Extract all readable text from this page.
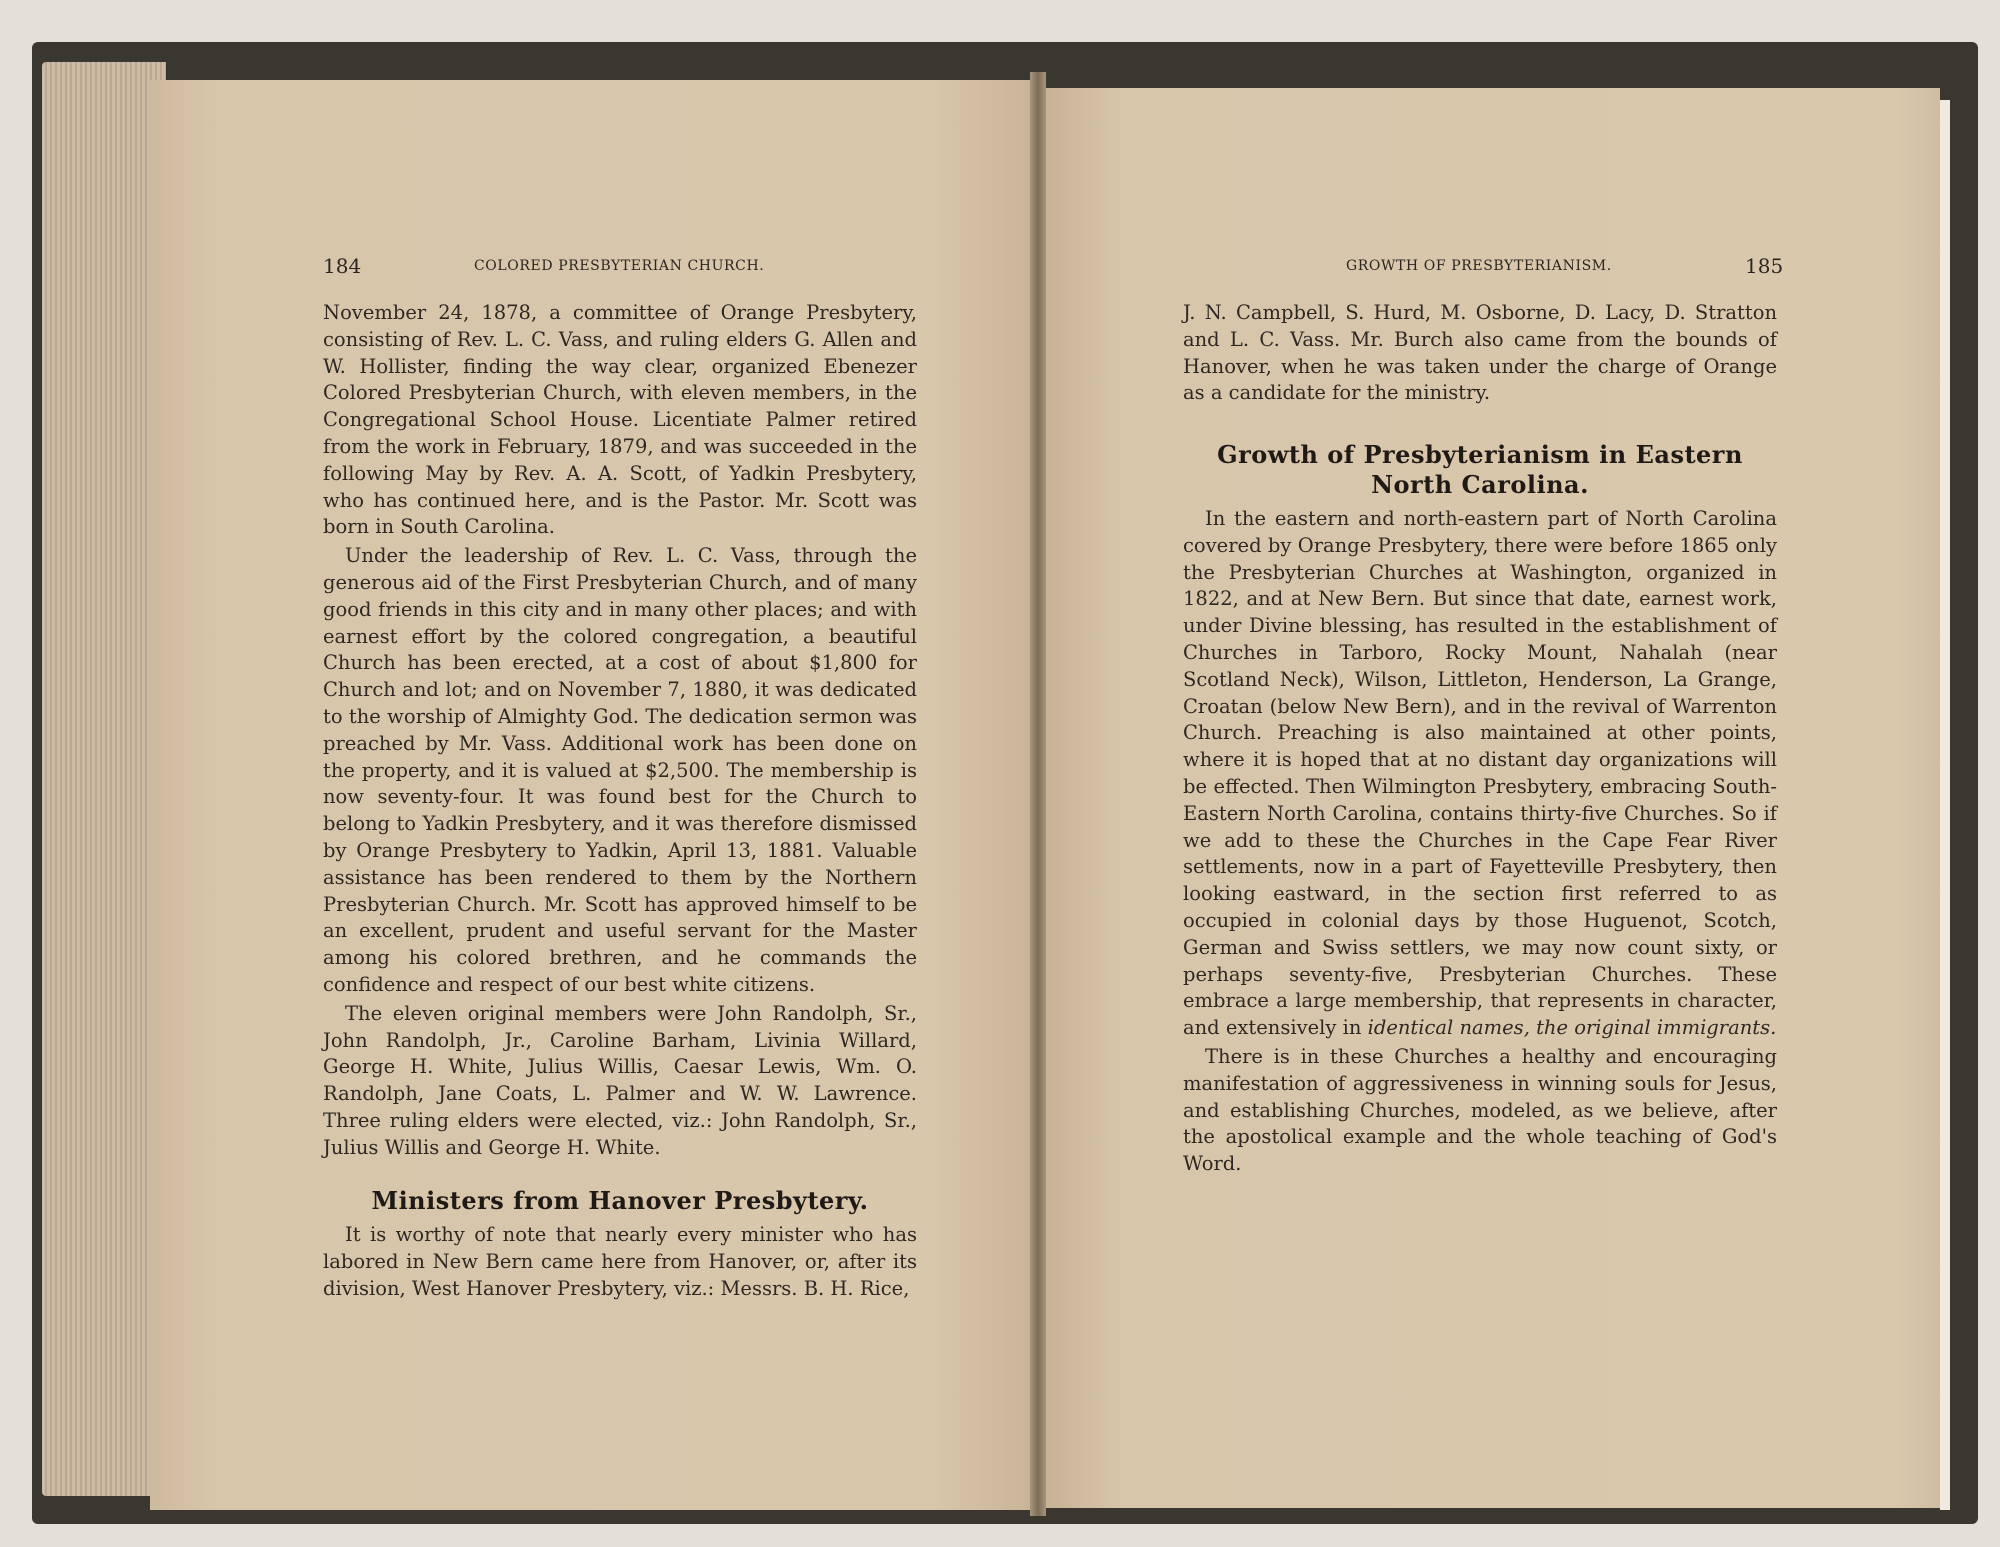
184	COLORED PRESBYTERIAN CHURCH.

November 24, 1878, a committee of Orange Presbytery, consisting of Rev. L. C. Vass, and ruling elders G. Allen and W. Hollister, finding the way clear, organized Ebenezer Colored Presbyterian Church, with eleven members, in the Congregational School House. Licentiate Palmer retired from the work in February, 1879, and was succeeded in the following May by Rev. A. A. Scott, of Yadkin Presbytery, who has continued here, and is the Pastor. Mr. Scott was born in South Carolina.

Under the leadership of Rev. L. C. Vass, through the generous aid of the First Presbyterian Church, and of many good friends in this city and in many other places; and with earnest effort by the colored congregation, a beautiful Church has been erected, at a cost of about $1,800 for Church and lot; and on November 7, 1880, it was dedicated to the worship of Almighty God. The dedication sermon was preached by Mr. Vass. Additional work has been done on the property, and it is valued at $2,500. The membership is now seventy-four. It was found best for the Church to belong to Yadkin Presbytery, and it was therefore dismissed by Orange Presbytery to Yadkin, April 13, 1881. Valuable assistance has been rendered to them by the Northern Presbyterian Church. Mr. Scott has approved himself to be an excellent, prudent and useful servant for the Master among his colored brethren, and he commands the confidence and respect of our best white citizens.

The eleven original members were John Randolph, Sr., John Randolph, Jr., Caroline Barham, Livinia Willard, George H. White, Julius Willis, Caesar Lewis, Wm. O. Randolph, Jane Coats, L. Palmer and W. W. Lawrence. Three ruling elders were elected, viz.: John Randolph, Sr., Julius Willis and George H. White.

Ministers from Hanover Presbytery.

It is worthy of note that nearly every minister who has labored in New Bern came here from Hanover, or, after its division, West Hanover Presbytery, viz.: Messrs. B. H. Rice,

GROWTH OF PRESBYTERIANISM.	185

J. N. Campbell, S. Hurd, M. Osborne, D. Lacy, D. Stratton and L. C. Vass. Mr. Burch also came from the bounds of Hanover, when he was taken under the charge of Orange as a candidate for the ministry.

Growth of Presbyterianism in Eastern
North Carolina.

In the eastern and north-eastern part of North Carolina covered by Orange Presbytery, there were before 1865 only the Presbyterian Churches at Washington, organized in 1822, and at New Bern. But since that date, earnest work, under Divine blessing, has resulted in the establishment of Churches in Tarboro, Rocky Mount, Nahalah (near Scotland Neck), Wilson, Littleton, Henderson, La Grange, Croatan (below New Bern), and in the revival of Warrenton Church. Preaching is also maintained at other points, where it is hoped that at no distant day organizations will be effected. Then Wilmington Presbytery, embracing South-Eastern North Carolina, contains thirty-five Churches. So if we add to these the Churches in the Cape Fear River settlements, now in a part of Fayetteville Presbytery, then looking eastward, in the section first referred to as occupied in colonial days by those Huguenot, Scotch, German and Swiss settlers, we may now count sixty, or perhaps seventy-five, Presbyterian Churches. These embrace a large membership, that represents in character, and extensively in identical names, the original immigrants.

There is in these Churches a healthy and encouraging manifestation of aggressiveness in winning souls for Jesus, and establishing Churches, modeled, as we believe, after the apostolical example and the whole teaching of God's Word.
